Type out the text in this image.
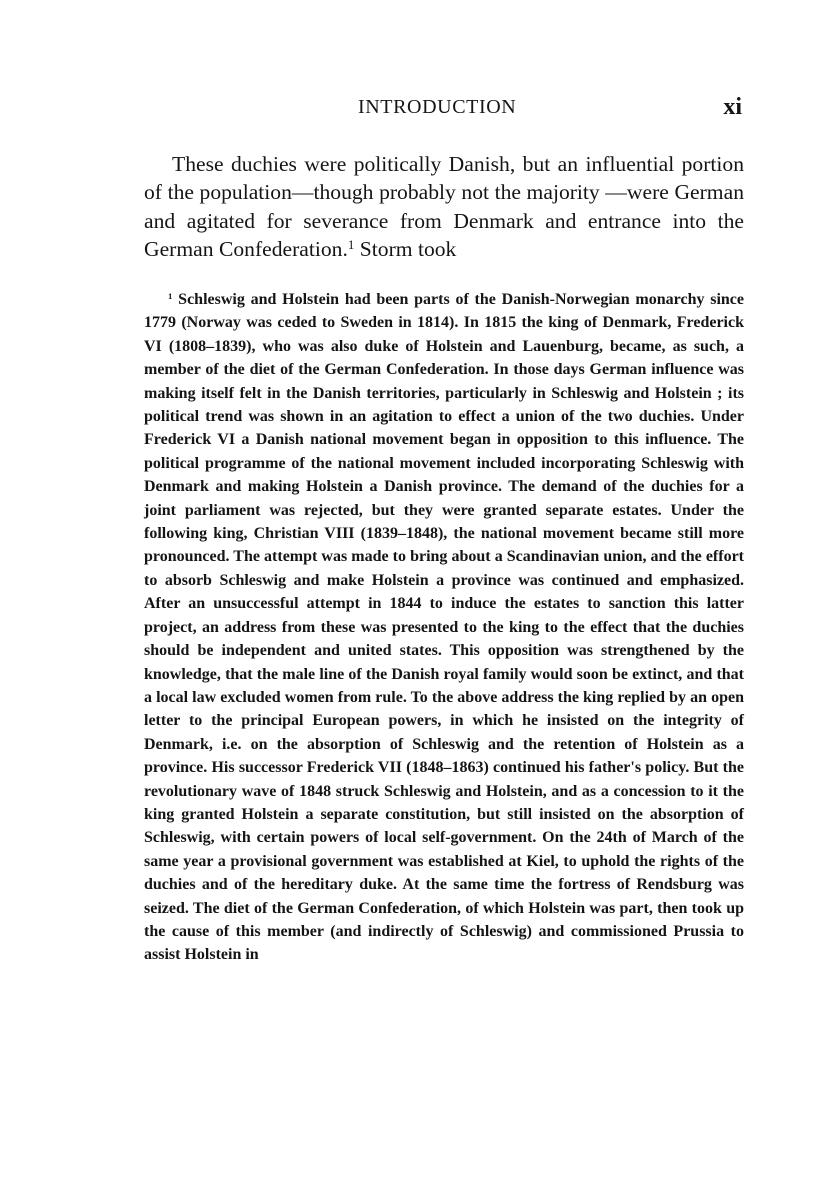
INTRODUCTION	xi

These duchies were politically Danish, but an influential portion of the population—though probably not the majority —were German and agitated for severance from Denmark and entrance into the German Confederation.$^1$ Storm took

$^1$ Schleswig and Holstein had been parts of the Danish-Norwegian monarchy since 1779 (Norway was ceded to Sweden in 1814). In 1815 the king of Denmark, Frederick VI (1808–1839), who was also duke of Holstein and Lauenburg, became, as such, a member of the diet of the German Confederation. In those days German influence was making itself felt in the Danish territories, particularly in Schleswig and Holstein ; its political trend was shown in an agitation to effect a union of the two duchies. Under Frederick VI a Danish national movement began in opposition to this influence. The political programme of the national movement included incorporating Schleswig with Denmark and making Holstein a Danish province. The demand of the duchies for a joint parliament was rejected, but they were granted separate estates. Under the following king, Christian VIII (1839–1848), the national movement became still more pronounced. The attempt was made to bring about a Scandinavian union, and the effort to absorb Schleswig and make Holstein a province was continued and emphasized. After an unsuccessful attempt in 1844 to induce the estates to sanction this latter project, an address from these was presented to the king to the effect that the duchies should be independent and united states. This opposition was strengthened by the knowledge, that the male line of the Danish royal family would soon be extinct, and that a local law excluded women from rule. To the above address the king replied by an open letter to the principal European powers, in which he insisted on the integrity of Denmark, i.e. on the absorption of Schleswig and the retention of Holstein as a province. His successor Frederick VII (1848–1863) continued his father's policy. But the revolutionary wave of 1848 struck Schleswig and Holstein, and as a concession to it the king granted Holstein a separate constitution, but still insisted on the absorption of Schleswig, with certain powers of local self-government. On the 24th of March of the same year a provisional government was established at Kiel, to uphold the rights of the duchies and of the hereditary duke. At the same time the fortress of Rendsburg was seized. The diet of the German Confederation, of which Holstein was part, then took up the cause of this member (and indirectly of Schleswig) and commissioned Prussia to assist Holstein in
